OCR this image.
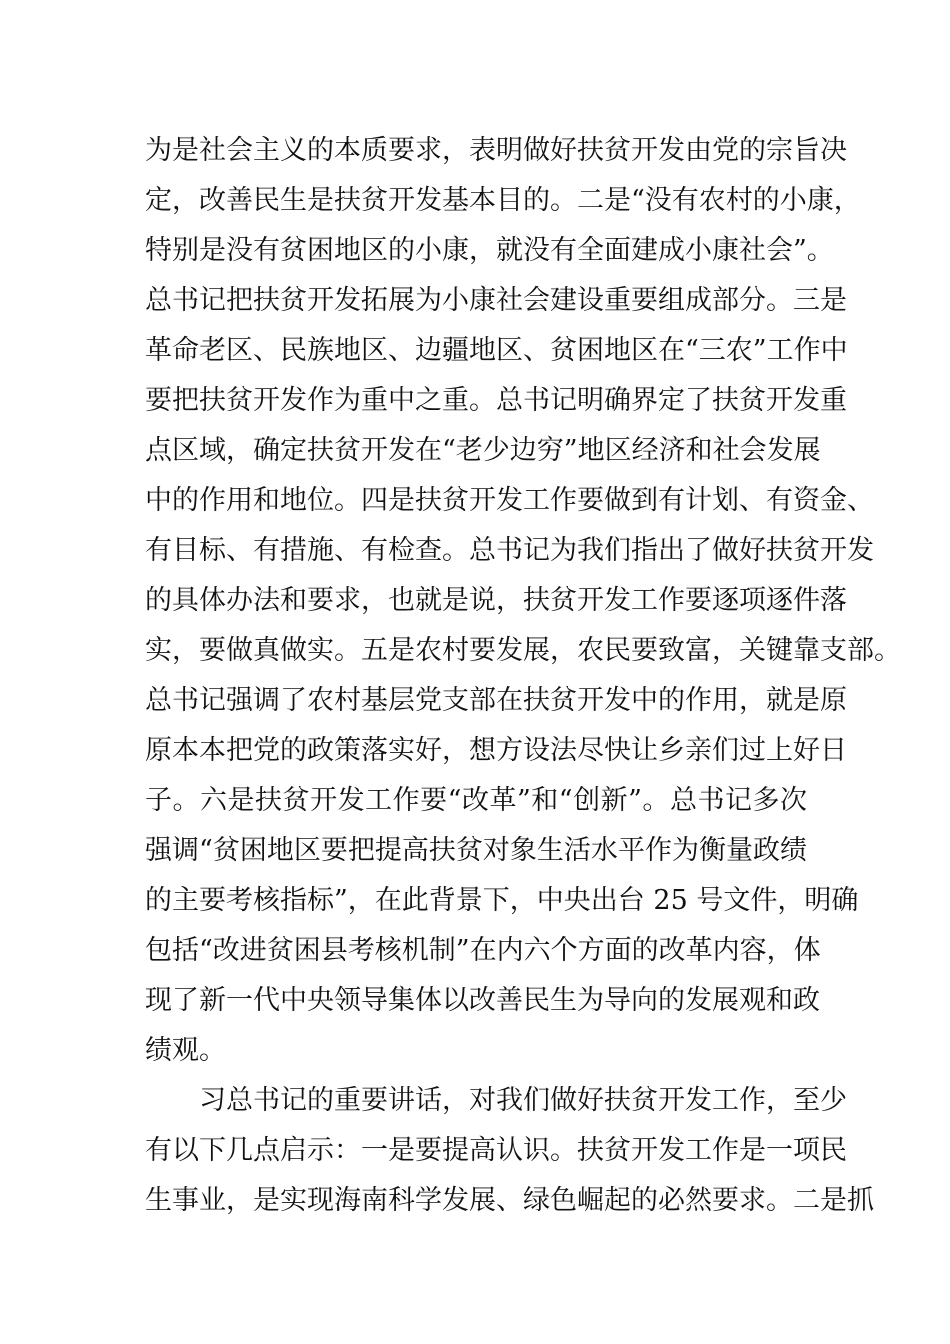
为是社会主义的本质要求，表明做好扶贫开发由党的宗旨决
定，改善民生是扶贫开发基本目的。二是“没有农村的小康，
特别是没有贫困地区的小康，就没有全面建成小康社会”。
总书记把扶贫开发拓展为小康社会建设重要组成部分。三是
革命老区、民族地区、边疆地区、贫困地区在“三农”工作中
要把扶贫开发作为重中之重。总书记明确界定了扶贫开发重
点区域，确定扶贫开发在“老少边穷”地区经济和社会发展
中的作用和地位。四是扶贫开发工作要做到有计划、有资金、
有目标、有措施、有检查。总书记为我们指出了做好扶贫开发
的具体办法和要求，也就是说，扶贫开发工作要逐项逐件落
实，要做真做实。五是农村要发展，农民要致富，关键靠支部。
总书记强调了农村基层党支部在扶贫开发中的作用，就是原
原本本把党的政策落实好，想方设法尽快让乡亲们过上好日
子。六是扶贫开发工作要“改革”和“创新”。总书记多次
强调“贫困地区要把提高扶贫对象生活水平作为衡量政绩
的主要考核指标”，在此背景下，中央出台 25 号文件，明确
包括“改进贫困县考核机制”在内六个方面的改革内容，体
现了新一代中央领导集体以改善民生为导向的发展观和政
绩观。
习总书记的重要讲话，对我们做好扶贫开发工作，至少
有以下几点启示：一是要提高认识。扶贫开发工作是一项民
生事业，是实现海南科学发展、绿色崛起的必然要求。二是抓
